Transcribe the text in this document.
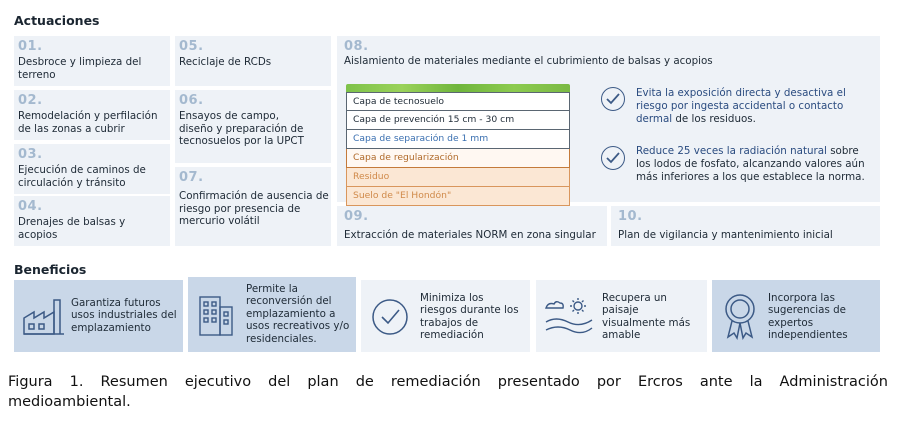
Actuaciones
01.
Desbroce y limpieza del terreno
02.
Remodelación y perfilación de las zonas a cubrir
03.
Ejecución de caminos de circulación y tránsito
04.
Drenajes de balsas y acopios
05.
Reciclaje de RCDs
06.
Ensayos de campo, diseño y preparación de tecnosuelos por la UPCT
07.
Confirmación de ausencia de riesgo por presencia de mercurio volátil
08.
Aislamiento de materiales mediante el cubrimiento de balsas y acopios
Capa de tecnosuelo
Capa de prevención 15 cm - 30 cm
Capa de separación de 1 mm
Capa de regularización
Residuo
Suelo de "El Hondón"
Evita la exposición directa y desactiva el riesgo por ingesta accidental o contacto dermal de los residuos.
Reduce 25 veces la radiación natural sobre los lodos de fosfato, alcanzando valores aún más inferiores a los que establece la norma.
09.
Extracción de materiales NORM en zona singular
10.
Plan de vigilancia y mantenimiento inicial
Beneficios
Garantiza futuros usos industriales del emplazamiento
Permite la reconversión del emplazamiento a usos recreativos y/o residenciales.
Minimiza los riesgos durante los trabajos de remediación
Recupera un paisaje visualmente más amable
Incorpora las sugerencias de expertos independientes
Figura 1. Resumen ejecutivo del plan de remediación presentado por Ercros ante la Administración
medioambiental.
